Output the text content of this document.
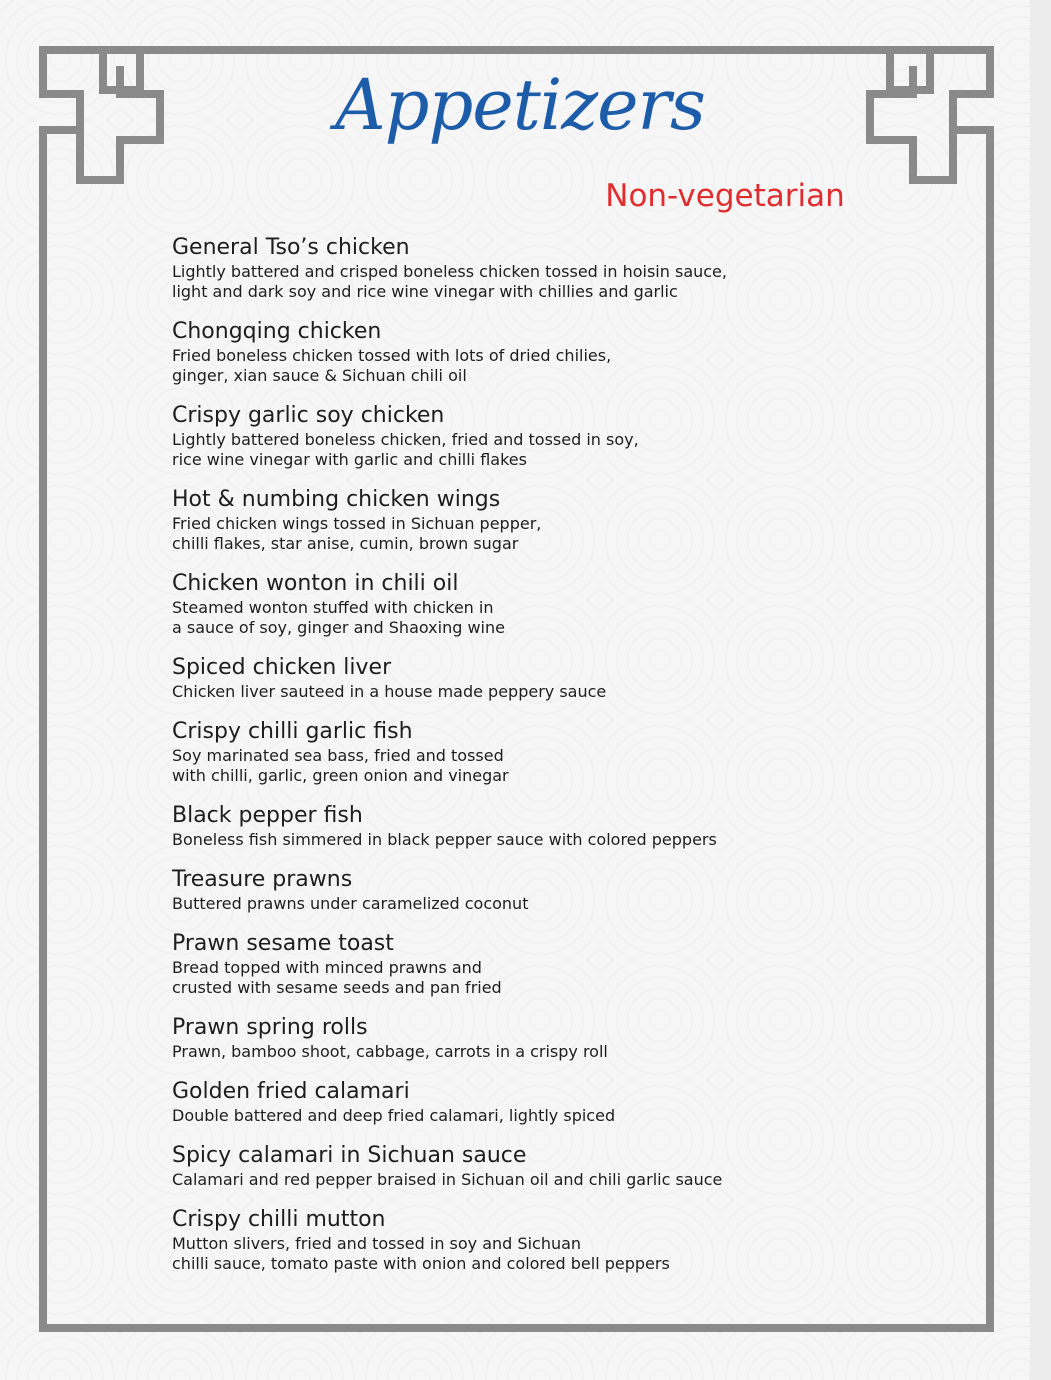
Appetizers
Non-vegetarian
General Tso’s chicken
Lightly battered and crisped boneless chicken tossed in hoisin sauce,
light and dark soy and rice wine vinegar with chillies and garlic
Chongqing chicken
Fried boneless chicken tossed with lots of dried chilies,
ginger, xian sauce & Sichuan chili oil
Crispy garlic soy chicken
Lightly battered boneless chicken, fried and tossed in soy,
rice wine vinegar with garlic and chilli flakes
Hot & numbing chicken wings
Fried chicken wings tossed in Sichuan pepper,
chilli flakes, star anise, cumin, brown sugar
Chicken wonton in chili oil
Steamed wonton stuffed with chicken in
a sauce of soy, ginger and Shaoxing wine
Spiced chicken liver
Chicken liver sauteed in a house made peppery sauce
Crispy chilli garlic fish
Soy marinated sea bass, fried and tossed
with chilli, garlic, green onion and vinegar
Black pepper fish
Boneless fish simmered in black pepper sauce with colored peppers
Treasure prawns
Buttered prawns under caramelized coconut
Prawn sesame toast
Bread topped with minced prawns and
crusted with sesame seeds and pan fried
Prawn spring rolls
Prawn, bamboo shoot, cabbage, carrots in a crispy roll
Golden fried calamari
Double battered and deep fried calamari, lightly spiced
Spicy calamari in Sichuan sauce
Calamari and red pepper braised in Sichuan oil and chili garlic sauce
Crispy chilli mutton
Mutton slivers, fried and tossed in soy and Sichuan
chilli sauce, tomato paste with onion and colored bell peppers
